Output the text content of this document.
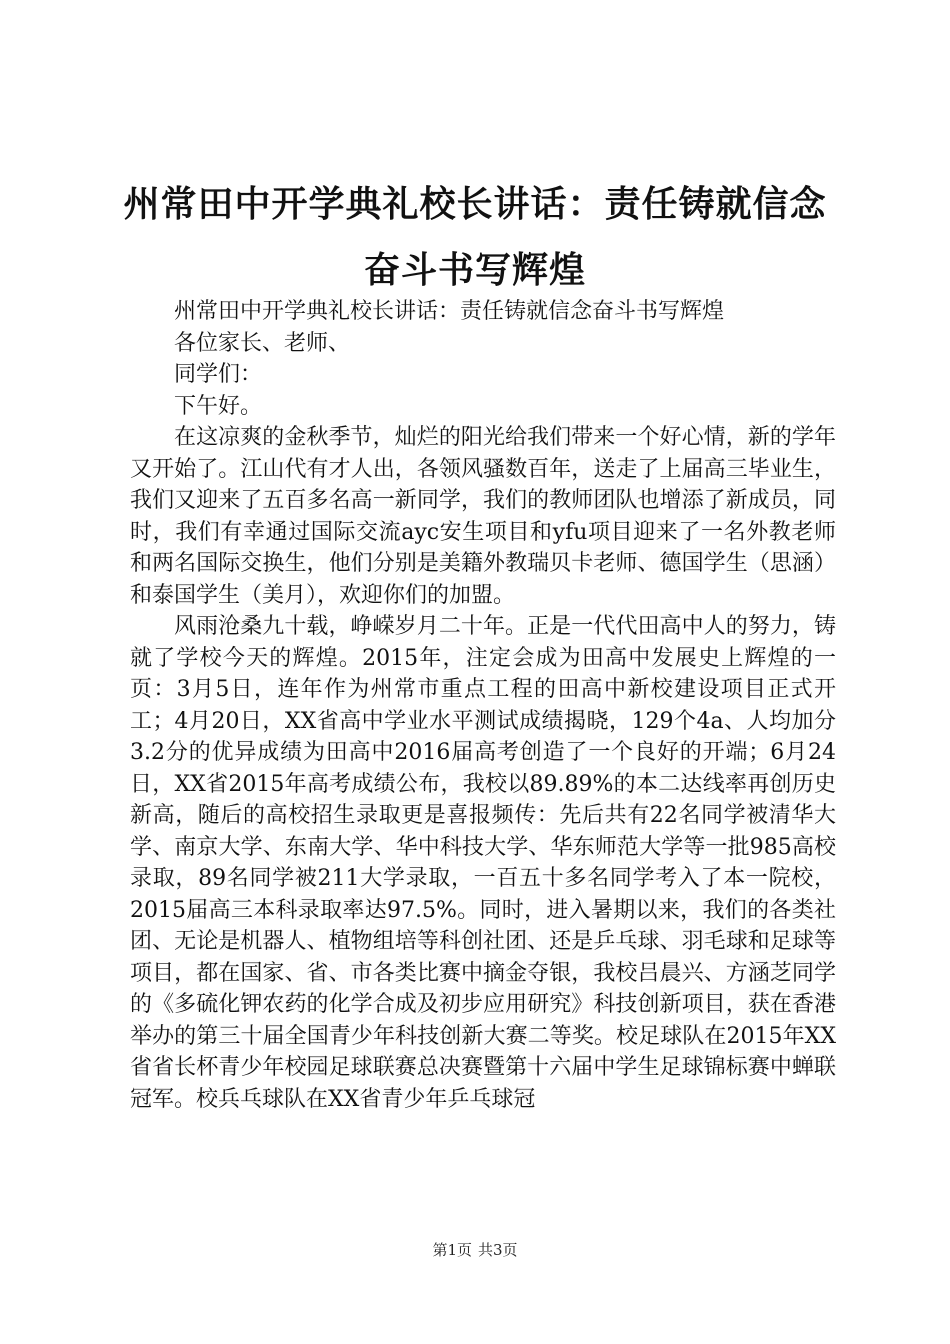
州常田中开学典礼校长讲话：责任铸就信念奋斗书写辉煌

州常田中开学典礼校长讲话：责任铸就信念奋斗书写辉煌

各位家长、老师、

同学们：

下午好。

在这凉爽的金秋季节，灿烂的阳光给我们带来一个好心情，新的学年又开始了。江山代有才人出，各领风骚数百年，送走了上届高三毕业生，我们又迎来了五百多名高一新同学，我们的教师团队也增添了新成员，同时，我们有幸通过国际交流ayc安生项目和yfu项目迎来了一名外教老师和两名国际交换生，他们分别是美籍外教瑞贝卡老师、德国学生（思涵）和泰国学生（美月），欢迎你们的加盟。

风雨沧桑九十载，峥嵘岁月二十年。正是一代代田高中人的努力，铸就了学校今天的辉煌。2015年，注定会成为田高中发展史上辉煌的一页：3月5日，连年作为州常市重点工程的田高中新校建设项目正式开工；4月20日，XX省高中学业水平测试成绩揭晓，129个4a、人均加分3.2分的优异成绩为田高中2016届高考创造了一个良好的开端；6月24日，XX省2015年高考成绩公布，我校以89.89%的本二达线率再创历史新高，随后的高校招生录取更是喜报频传：先后共有22名同学被清华大学、南京大学、东南大学、华中科技大学、华东师范大学等一批985高校录取，89名同学被211大学录取，一百五十多名同学考入了本一院校，2015届高三本科录取率达97.5%。同时，进入暑期以来，我们的各类社团、无论是机器人、植物组培等科创社团、还是乒乓球、羽毛球和足球等项目，都在国家、省、市各类比赛中摘金夺银，我校吕晨兴、方涵芝同学的《多硫化钾农药的化学合成及初步应用研究》科技创新项目，获在香港举办的第三十届全国青少年科技创新大赛二等奖。校足球队在2015年XX省省长杯青少年校园足球联赛总决赛暨第十六届中学生足球锦标赛中蝉联冠军。校兵乓球队在XX省青少年乒乓球冠

第1页 共3页
